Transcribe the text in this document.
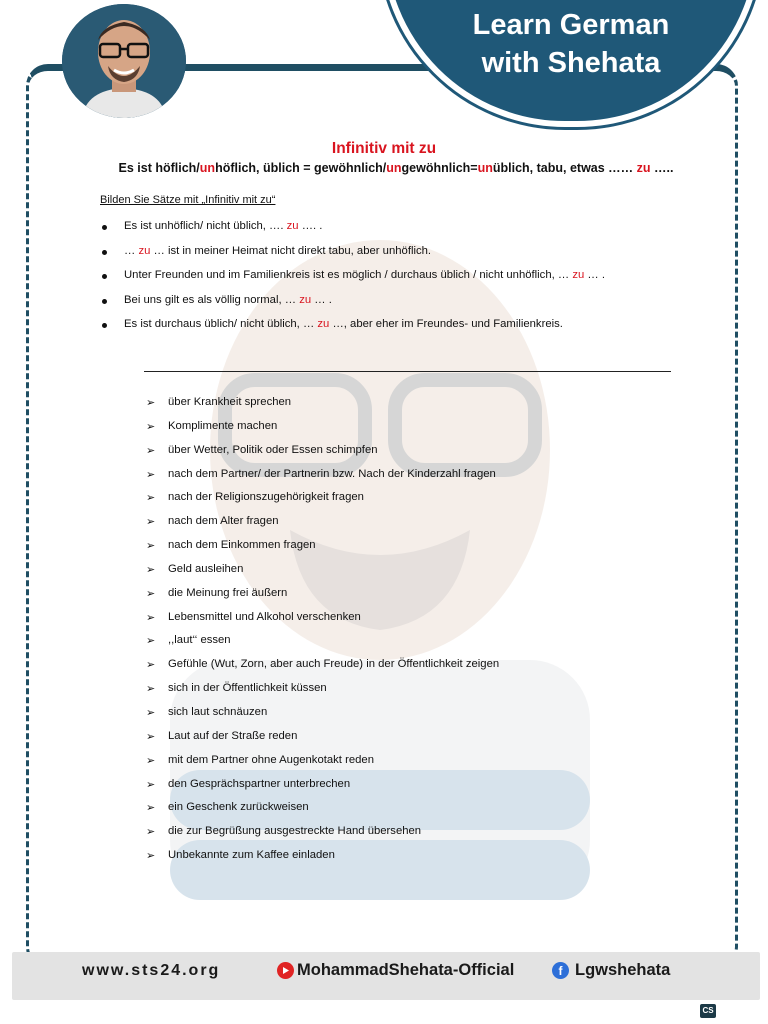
Learn German
with Shehata
Infinitiv mit zu
Es ist höflich/unhöflich, üblich = gewöhnlich/ungewöhnlich=unüblich, tabu, etwas …… zu …..
Bilden Sie Sätze mit „Infinitiv mit zu“
Es ist unhöflich/ nicht üblich, …. zu …. .
… zu … ist in meiner Heimat nicht direkt tabu, aber unhöflich.
Unter Freunden und im Familienkreis ist es möglich / durchaus üblich / nicht unhöflich, … zu … .
Bei uns gilt es als völlig normal, … zu … .
Es ist durchaus üblich/ nicht üblich, … zu …, aber eher im Freundes- und Familienkreis.
➢	über Krankheit sprechen
➢	Komplimente machen
➢	über Wetter, Politik oder Essen schimpfen
➢	nach dem Partner/ der Partnerin bzw. Nach der Kinderzahl fragen
➢	nach der Religionszugehörigkeit fragen
➢	nach dem Alter fragen
➢	nach dem Einkommen fragen
➢	Geld ausleihen
➢	die Meinung frei äußern
➢	Lebensmittel und Alkohol verschenken
➢	,,laut‘‘ essen
➢	Gefühle (Wut, Zorn, aber auch Freude) in der Öffentlichkeit zeigen
➢	sich in der Öffentlichkeit küssen
➢	sich laut schnäuzen
➢	Laut auf der Straße reden
➢	mit dem Partner ohne Augenkotakt reden
➢	den Gesprächspartner unterbrechen
➢	ein Geschenk zurückweisen
➢	die zur Begrüßung ausgestreckte Hand übersehen
➢	Unbekannte zum Kaffee einladen
www.sts24.org	MohammadShehata-Official	f Lgwshehata
CS
